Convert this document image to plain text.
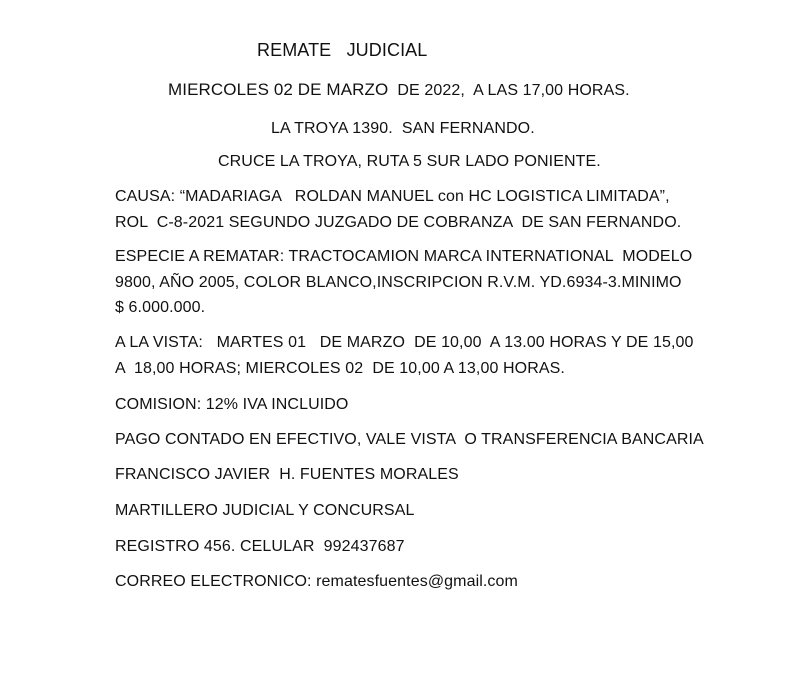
REMATE   JUDICIAL
MIERCOLES 02 DE MARZO  DE 2022,  A LAS 17,00 HORAS.
LA TROYA 1390.  SAN FERNANDO.
CRUCE LA TROYA, RUTA 5 SUR LADO PONIENTE.
CAUSA: “MADARIAGA   ROLDAN MANUEL con HC LOGISTICA LIMITADA”,
ROL  C-8-2021 SEGUNDO JUZGADO DE COBRANZA  DE SAN FERNANDO.
ESPECIE A REMATAR: TRACTOCAMION MARCA INTERNATIONAL  MODELO
9800, AÑO 2005, COLOR BLANCO,INSCRIPCION R.V.M. YD.6934-3.MINIMO
$ 6.000.000.
A LA VISTA:   MARTES 01   DE MARZO  DE 10,00  A 13.00 HORAS Y DE 15,00
A  18,00 HORAS; MIERCOLES 02  DE 10,00 A 13,00 HORAS.
COMISION: 12% IVA INCLUIDO
PAGO CONTADO EN EFECTIVO, VALE VISTA  O TRANSFERENCIA BANCARIA
FRANCISCO JAVIER  H. FUENTES MORALES
MARTILLERO JUDICIAL Y CONCURSAL
REGISTRO 456. CELULAR  992437687
CORREO ELECTRONICO: rematesfuentes@gmail.com
